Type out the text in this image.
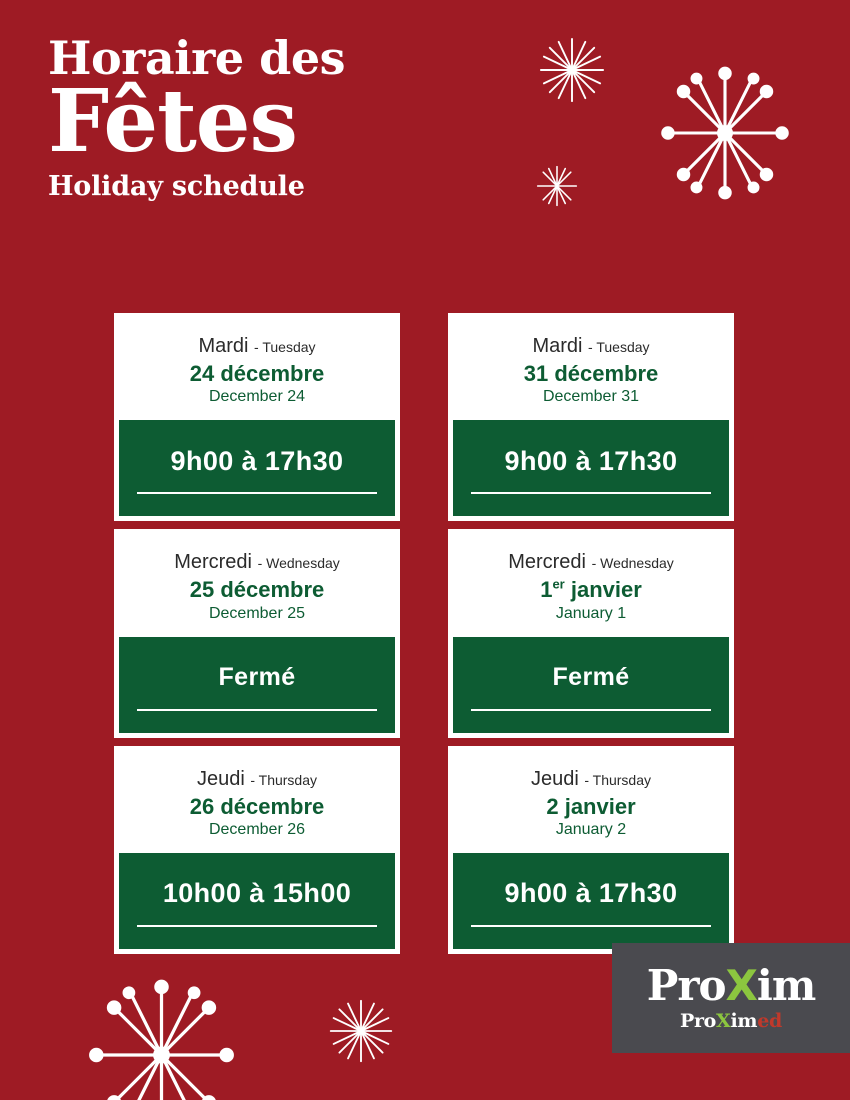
Horaire des
Fêtes
Holiday schedule
Mardi - Tuesday
24 décembre
December 24
9h00 à 17h30
Mardi - Tuesday
31 décembre
December 31
9h00 à 17h30
Mercredi - Wednesday
25 décembre
December 25
Fermé
Mercredi - Wednesday
1er janvier
January 1
Fermé
Jeudi - Thursday
26 décembre
December 26
10h00 à 15h00
Jeudi - Thursday
2 janvier
January 2
9h00 à 17h30
ProXim
ProXimed
